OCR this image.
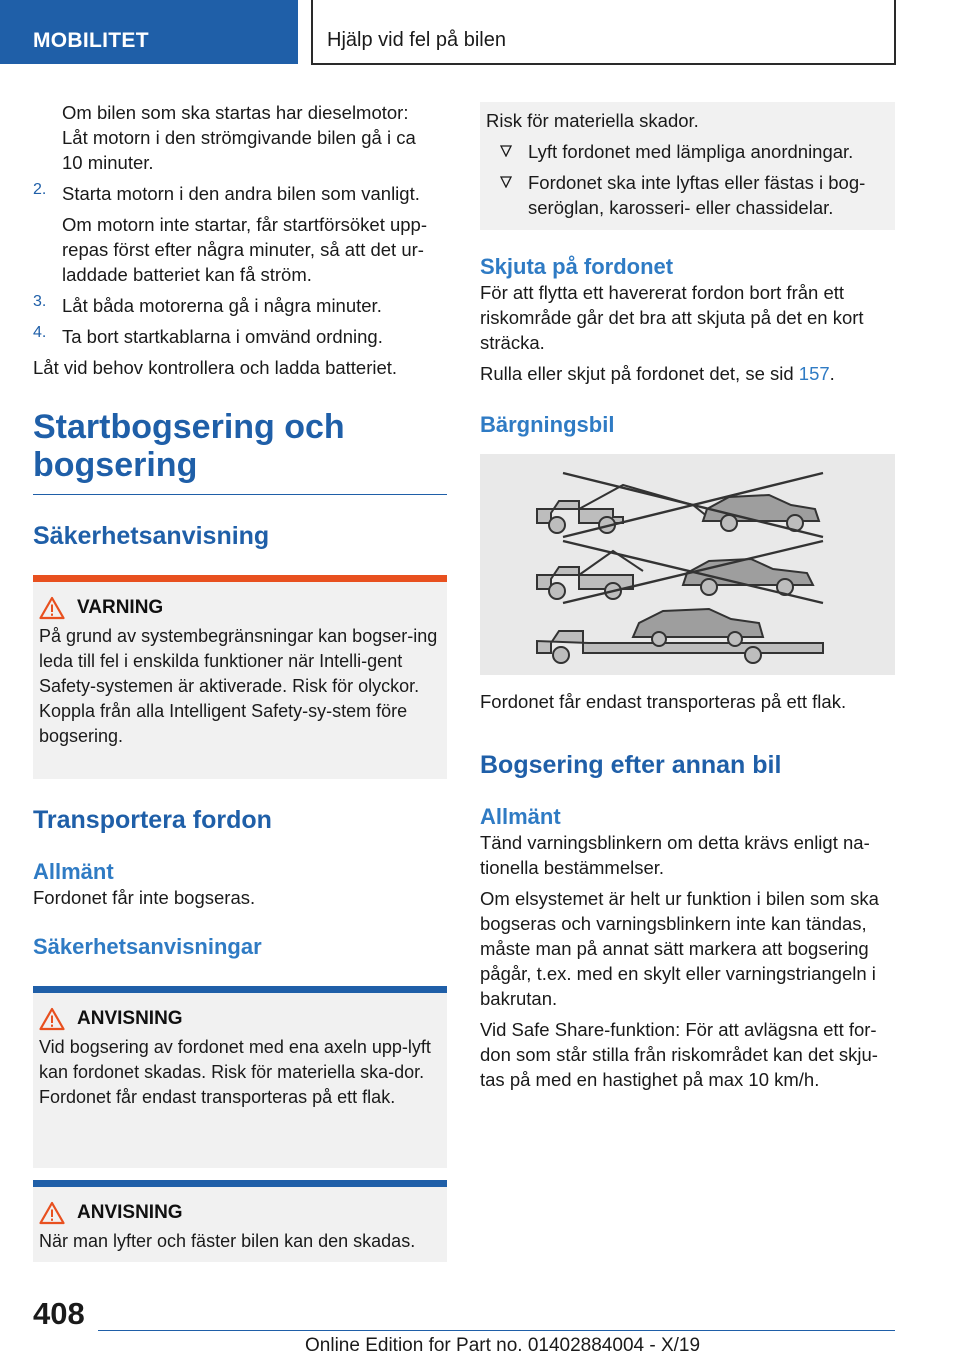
MOBILITET	Hjälp vid fel på bilen

Om bilen som ska startas har dieselmotor: Låt motorn i den strömgivande bilen gå i ca 10 minuter.

2. Starta motorn i den andra bilen som vanligt.

Om motorn inte startar, får startförsöket upp-repas först efter några minuter, så att det ur-laddade batteriet kan få ström.

3. Låt båda motorerna gå i några minuter.

4. Ta bort startkablarna i omvänd ordning.

Låt vid behov kontrollera och ladda batteriet.

Startbogsering och bogsering
Säkerhetsanvisning
VARNING

På grund av systembegränsningar kan bogser-ing leda till fel i enskilda funktioner när Intelli-gent Safety-systemen är aktiverade. Risk för olyckor. Koppla från alla Intelligent Safety-sy-stem före bogsering.

Transportera fordon
Allmänt

Fordonet får inte bogseras.

Säkerhetsanvisningar
ANVISNING

Vid bogsering av fordonet med ena axeln upp-lyft kan fordonet skadas. Risk för materiella ska-dor. Fordonet får endast transporteras på ett flak.

ANVISNING

När man lyfter och fäster bilen kan den skadas.

Risk för materiella skador.

Lyft fordonet med lämpliga anordningar.
Fordonet ska inte lyftas eller fästas i bog-seröglan, karosseri- eller chassidelar.
Skjuta på fordonet

För att flytta ett havererat fordon bort från ett riskområde går det bra att skjuta på det en kort sträcka.

Rulla eller skjut på fordonet det, se sid 157.

Bärgningsbil

Fordonet får endast transporteras på ett flak.

Bogsering efter annan bil
Allmänt

Tänd varningsblinkern om detta krävs enligt na-tionella bestämmelser.

Om elsystemet är helt ur funktion i bilen som ska bogseras och varningsblinkern inte kan tändas, måste man på annat sätt markera att bogsering pågår, t.ex. med en skylt eller varningstriangeln i bakrutan.

Vid Safe Share-funktion: För att avlägsna ett for-don som står stilla från riskområdet kan det skju-tas på med en hastighet på max 10 km/h.

408
Online Edition for Part no. 01402884004 - X/19
